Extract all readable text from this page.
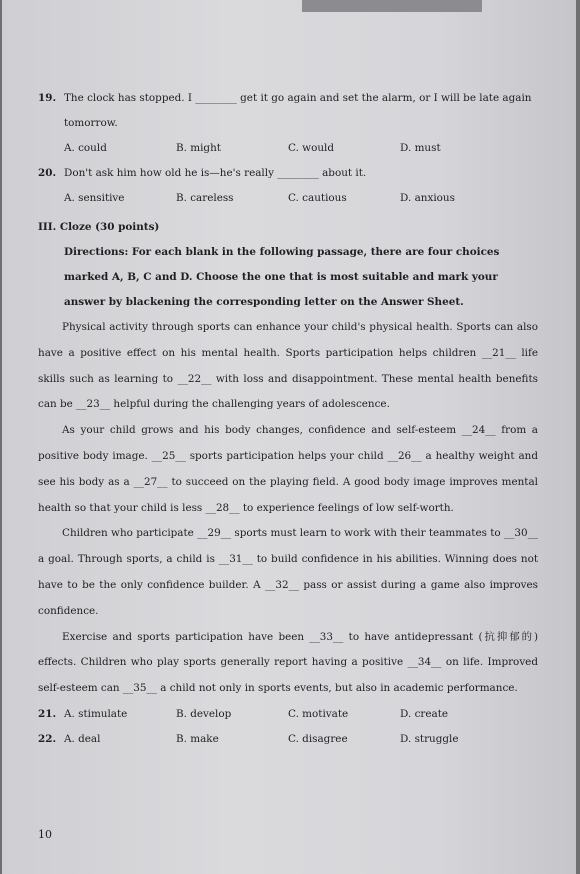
19. The clock has stopped. I ________ get it go again and set the alarm, or I will be late again tomorrow.
A. could	B. might	C. would	D. must
20. Don't ask him how old he is—he's really ________ about it.
A. sensitive	B. careless	C. cautious	D. anxious
III. Cloze (30 points)
Directions: For each blank in the following passage, there are four choices marked A, B, C and D. Choose the one that is most suitable and mark your answer by blackening the corresponding letter on the Answer Sheet.

Physical activity through sports can enhance your child's physical health. Sports can also have a positive effect on his mental health. Sports participation helps children __21__ life skills such as learning to __22__ with loss and disappointment. These mental health benefits can be __23__ helpful during the challenging years of adolescence.

As your child grows and his body changes, confidence and self-esteem __24__ from a positive body image. __25__ sports participation helps your child __26__ a healthy weight and see his body as a __27__ to succeed on the playing field. A good body image improves mental health so that your child is less __28__ to experience feelings of low self-worth.

Children who participate __29__ sports must learn to work with their teammates to __30__ a goal. Through sports, a child is __31__ to build confidence in his abilities. Winning does not have to be the only confidence builder. A __32__ pass or assist during a game also improves confidence.

Exercise and sports participation have been __33__ to have antidepressant (抗抑郁的) effects. Children who play sports generally report having a positive __34__ on life. Improved self-esteem can __35__ a child not only in sports events, but also in academic performance.

21. A. stimulate	B. develop	C. motivate	D. create
22. A. deal	B. make	C. disagree	D. struggle
10
